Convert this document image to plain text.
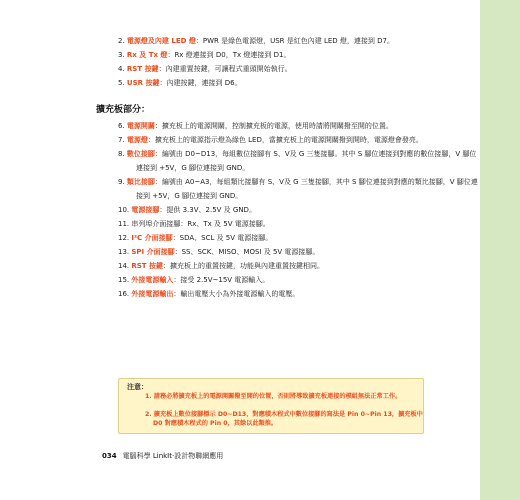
2. 電源燈及內建 LED 燈：PWR 是綠色電源燈，USR 是紅色內建 LED 燈，連接到 D7。
3. Rx 及 Tx 燈：Rx 燈連接到 D0，Tx 燈連接到 D1。
4. RST 按鍵：內建重置按鍵，可讓程式重頭開始執行。
5. USR 按鍵：內建按鍵，連接到 D6。
擴充板部分：
6. 電源開關：擴充板上的電源開關，控制擴充板的電源，使用時請將開關撥至開的位置。
7. 電源燈：擴充板上的電源指示燈為綠色 LED，當擴充板上的電源開關撥到開時，電源燈會發亮。
8. 數位接腳：編號由 D0~D13，每組數位接腳有 S、V及 G 三隻接腳。其中 S 腳位連接到對應的數位接腳，V 腳位連接到 +5V，G 腳位連接到 GND。
9. 類比接腳：編號由 A0~A3，每組類比接腳有 S、V及 G 三隻接腳，其中 S 腳位連接到對應的類比接腳，V 腳位連接到 +5V，G 腳位連接到 GND。
10. 電源接腳：提供 3.3V、2.5V 及 GND。
11. 串列埠介面接腳：Rx、Tx 及 5V 電源接腳。
12. I²C 介面接腳：SDA、SCL 及 5V 電源接腳。
13. SPI 介面接腳：SS、SCK、MISO、MOSI 及 5V 電源接腳。
14. RST 按鍵：擴充板上的重置按鍵，功能與內建重置按鍵相同。
15. 外接電源輸入：接受 2.5V~15V 電源輸入。
16. 外接電源輸出：輸出電壓大小為外接電源輸入的電壓。
注意：
1. 請務必將擴充板上的電源開關撥至開的位置，否則將導致擴充板連接的模組無法正常工作。
2. 擴充板上數位接腳標示 D0~D13，對應積木程式中數位接腳的寫法是 Pin 0~Pin 13，擴充板中 D0 對應積木程式的 Pin 0，其餘以此類推。
034 電腦科學 LinkIt‧設計物聯網應用
